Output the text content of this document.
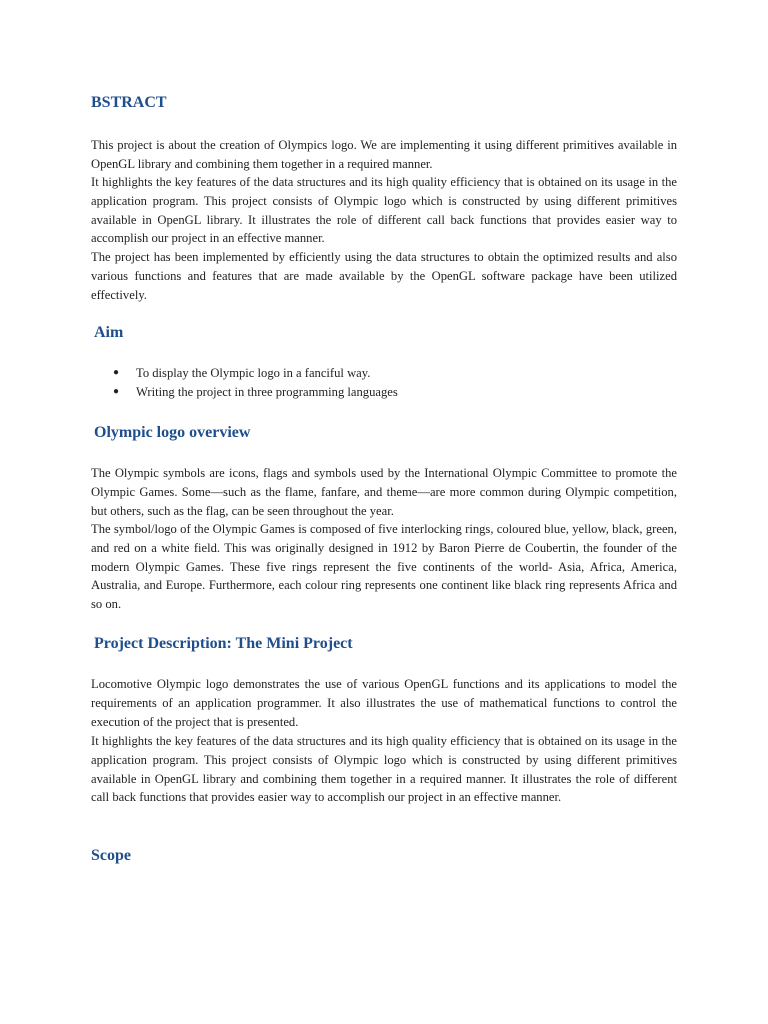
BSTRACT

This project is about the creation of Olympics logo. We are implementing it using different primitives available in OpenGL library and combining them together in a required manner.

It highlights the key features of the data structures and its high quality efficiency that is obtained on its usage in the application program. This project consists of Olympic logo which is constructed by using different primitives available in OpenGL library. It illustrates the role of different call back functions that provides easier way to accomplish our project in an effective manner.

The project has been implemented by efficiently using the data structures to obtain the optimized results and also various functions and features that are made available by the OpenGL software package have been utilized effectively.

Aim
● To display the Olympic logo in a fanciful way.
● Writing the project in three programming languages
Olympic logo overview

The Olympic symbols are icons, flags and symbols used by the International Olympic Committee to promote the Olympic Games. Some—such as the flame, fanfare, and theme—are more common during Olympic competition, but others, such as the flag, can be seen throughout the year.

The symbol/logo of the Olympic Games is composed of five interlocking rings, coloured blue, yellow, black, green, and red on a white field. This was originally designed in 1912 by Baron Pierre de Coubertin, the founder of the modern Olympic Games. These five rings represent the five continents of the world- Asia, Africa, America, Australia, and Europe. Furthermore, each colour ring represents one continent like black ring represents Africa and so on.

Project Description: The Mini Project

Locomotive Olympic logo demonstrates the use of various OpenGL functions and its applications to model the requirements of an application programmer. It also illustrates the use of mathematical functions to control the execution of the project that is presented.

It highlights the key features of the data structures and its high quality efficiency that is obtained on its usage in the application program. This project consists of Olympic logo which is constructed by using different primitives available in OpenGL library and combining them together in a required manner. It illustrates the role of different call back functions that provides easier way to accomplish our project in an effective manner.

Scope
